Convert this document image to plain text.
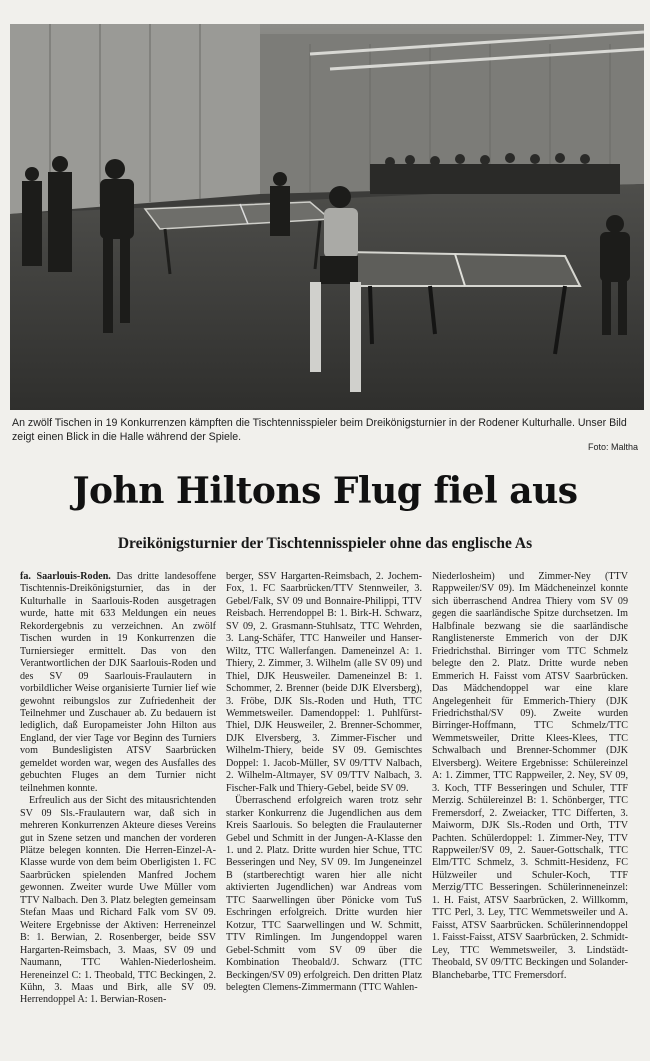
An zwölf Tischen in 19 Konkurrenzen kämpften die Tischtennisspieler beim Dreikönigsturnier in der Rodener Kulturhalle. Unser Bild zeigt einen Blick in die Halle während der Spiele.
Foto: Maltha
John Hiltons Flug fiel aus
Dreikönigsturnier der Tischtennisspieler ohne das englische As

fa. Saarlouis-Roden. Das dritte landesoffene Tischtennis-Dreikönigsturnier, das in der Kulturhalle in Saarlouis-Roden ausgetragen wurde, hatte mit 633 Meldungen ein neues Rekordergebnis zu verzeichnen. An zwölf Tischen wurden in 19 Konkurrenzen die Turniersieger ermittelt. Das von den Verantwortlichen der DJK Saarlouis-Roden und des SV 09 Saarlouis-Fraulautern in vorbildlicher Weise organisierte Turnier lief wie gewohnt reibungslos zur Zufriedenheit der Teilnehmer und Zuschauer ab. Zu bedauern ist lediglich, daß Europameister John Hilton aus England, der vier Tage vor Beginn des Turniers vom Bundesligisten ATSV Saarbrücken gemeldet worden war, wegen des Ausfalles des gebuchten Fluges an dem Turnier nicht teilnehmen konnte.

Erfreulich aus der Sicht des mitausrichtenden SV 09 Sls.-Fraulautern war, daß sich in mehreren Konkurrenzen Akteure dieses Vereins gut in Szene setzen und manchen der vorderen Plätze belegen konnten. Die Herren-Einzel-A-Klasse wurde von dem beim Oberligisten 1. FC Saarbrücken spielenden Manfred Jochem gewonnen. Zweiter wurde Uwe Müller vom TTV Nalbach. Den 3. Platz belegten gemeinsam Stefan Maas und Richard Falk vom SV 09. Weitere Ergebnisse der Aktiven: Herreneinzel B: 1. Berwian, 2. Rosenberger, beide SSV Hargarten-Reimsbach, 3. Maas, SV 09 und Naumann, TTC Wahlen-Niederlosheim. Hereneinzel C: 1. Theobald, TTC Beckingen, 2. Kühn, 3. Maas und Birk, alle SV 09. Herrendoppel A: 1. Berwian-Rosen-

berger, SSV Hargarten-Reimsbach, 2. Jochem-Fox, 1. FC Saarbrücken/TTV Stennweiler, 3. Gebel/Falk, SV 09 und Bonnaire-Philippi, TTV Reisbach. Herrendoppel B: 1. Birk-H. Schwarz, SV 09, 2. Grasmann-Stuhlsatz, TTC Wehrden, 3. Lang-Schäfer, TTC Hanweiler und Hanser-Wiltz, TTC Wallerfangen. Dameneinzel A: 1. Thiery, 2. Zimmer, 3. Wilhelm (alle SV 09) und Thiel, DJK Heusweiler. Dameneinzel B: 1. Schommer, 2. Brenner (beide DJK Elversberg), 3. Fröbe, DJK Sls.-Roden und Huth, TTC Wemmetsweiler. Damendoppel: 1. Puhlfürst-Thiel, DJK Heusweiler, 2. Brenner-Schommer, DJK Elversberg, 3. Zimmer-Fischer und Wilhelm-Thiery, beide SV 09. Gemischtes Doppel: 1. Jacob-Müller, SV 09/TTV Nalbach, 2. Wilhelm-Altmayer, SV 09/TTV Nalbach, 3. Fischer-Falk und Thiery-Gebel, beide SV 09.

Überraschend erfolgreich waren trotz sehr starker Konkurrenz die Jugendlichen aus dem Kreis Saarlouis. So belegten die Fraulauterner Gebel und Schmitt in der Jungen-A-Klasse den 1. und 2. Platz. Dritte wurden hier Schue, TTC Besseringen und Ney, SV 09. Im Jungeneinzel B (startberechtigt waren hier alle nicht aktivierten Jugendlichen) war Andreas vom TTC Saarwellingen über Pönicke vom TuS Eschringen erfolgreich. Dritte wurden hier Kotzur, TTC Saarwellingen und W. Schmitt, TTV Rimlingen. Im Jungendoppel waren Gebel-Schmitt vom SV 09 über die Kombination Theobald/J. Schwarz (TTC Beckingen/SV 09) erfolgreich. Den dritten Platz belegten Clemens-Zimmermann (TTC Wahlen-

Niederlosheim) und Zimmer-Ney (TTV Rappweiler/SV 09). Im Mädcheneinzel konnte sich überraschend Andrea Thiery vom SV 09 gegen die saarländische Spitze durchsetzen. Im Halbfinale bezwang sie die saarländische Ranglistenerste Emmerich von der DJK Friedrichsthal. Birringer vom TTC Schmelz belegte den 2. Platz. Dritte wurde neben Emmerich H. Faisst vom ATSV Saarbrücken. Das Mädchendoppel war eine klare Angelegenheit für Emmerich-Thiery (DJK Friedrichsthal/SV 09). Zweite wurden Birringer-Hoffmann, TTC Schmelz/TTC Wemmetsweiler, Dritte Klees-Klees, TTC Schwalbach und Brenner-Schommer (DJK Elversberg). Weitere Ergebnisse: Schülereinzel A: 1. Zimmer, TTC Rappweiler, 2. Ney, SV 09, 3. Koch, TTF Besseringen und Schuler, TTF Merzig. Schülereinzel B: 1. Schönberger, TTC Fremersdorf, 2. Zweiacker, TTC Differten, 3. Maiworm, DJK Sls.-Roden und Orth, TTV Pachten. Schülerdoppel: 1. Zimmer-Ney, TTV Rappweiler/SV 09, 2. Sauer-Gottschalk, TTC Elm/TTC Schmelz, 3. Schmitt-Hesidenz, FC Hülzweiler und Schuler-Koch, TTF Merzig/TTC Besseringen. Schülerinneneinzel: 1. H. Faist, ATSV Saarbrücken, 2. Willkomm, TTC Perl, 3. Ley, TTC Wemmetsweiler und A. Faisst, ATSV Saarbrücken. Schülerinnendoppel 1. Faisst-Faisst, ATSV Saarbrücken, 2. Schmidt-Ley, TTC Wemmetsweiler, 3. Lindstädt-Theobald, SV 09/TTC Beckingen und Solander-Blanchebarbe, TTC Fremersdorf.
